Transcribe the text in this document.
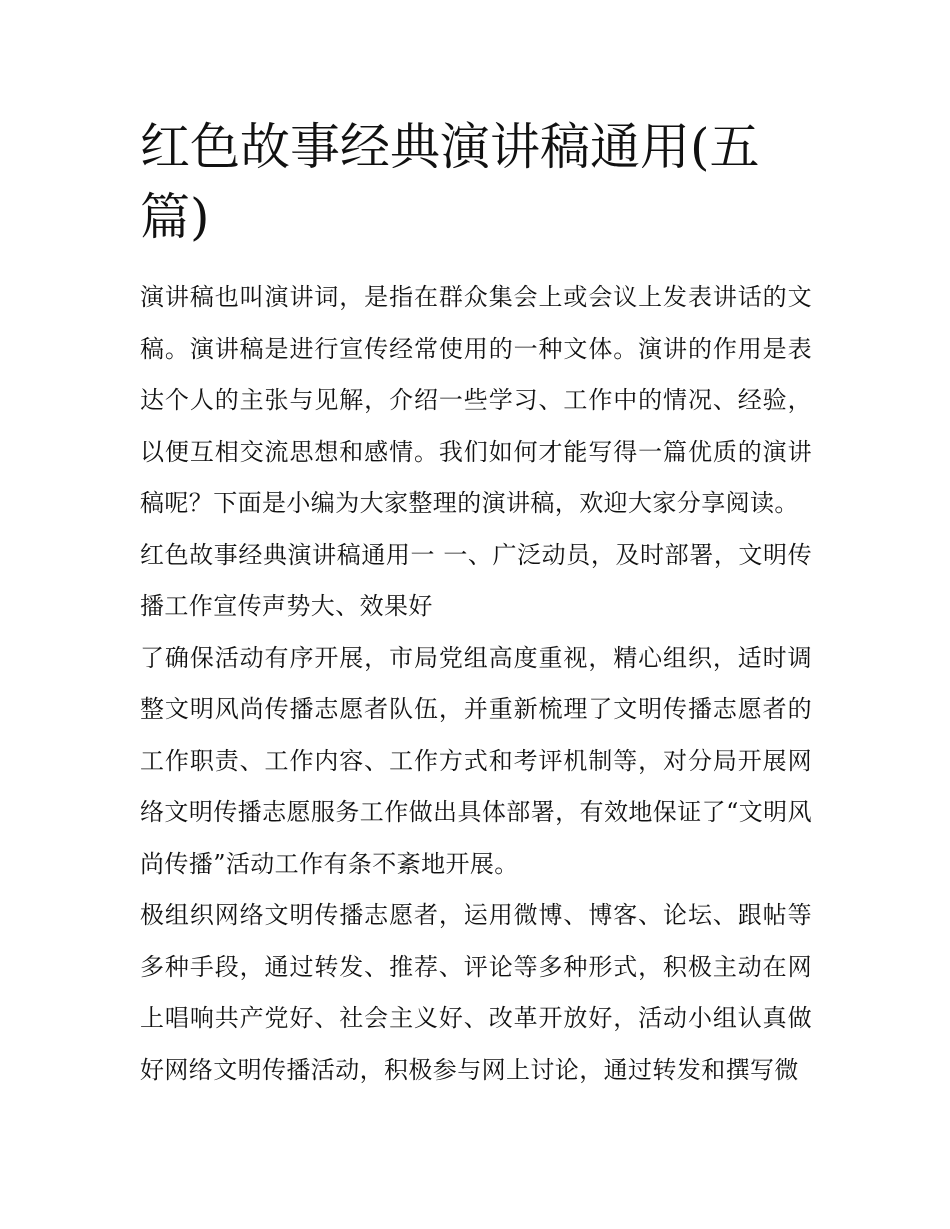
红色故事经典演讲稿通用(五篇)

演讲稿也叫演讲词，是指在群众集会上或会议上发表讲话的文稿。演讲稿是进行宣传经常使用的一种文体。演讲的作用是表达个人的主张与见解，介绍一些学习、工作中的情况、经验，以便互相交流思想和感情。我们如何才能写得一篇优质的演讲稿呢？下面是小编为大家整理的演讲稿，欢迎大家分享阅读。

红色故事经典演讲稿通用一 一、广泛动员，及时部署，文明传播工作宣传声势大、效果好

了确保活动有序开展，市局党组高度重视，精心组织，适时调整文明风尚传播志愿者队伍，并重新梳理了文明传播志愿者的工作职责、工作内容、工作方式和考评机制等，对分局开展网络文明传播志愿服务工作做出具体部署，有效地保证了“文明风尚传播”活动工作有条不紊地开展。

极组织网络文明传播志愿者，运用微博、博客、论坛、跟帖等多种手段，通过转发、推荐、评论等多种形式，积极主动在网上唱响共产党好、社会主义好、改革开放好，活动小组认真做好网络文明传播活动，积极参与网上讨论，通过转发和撰写微
